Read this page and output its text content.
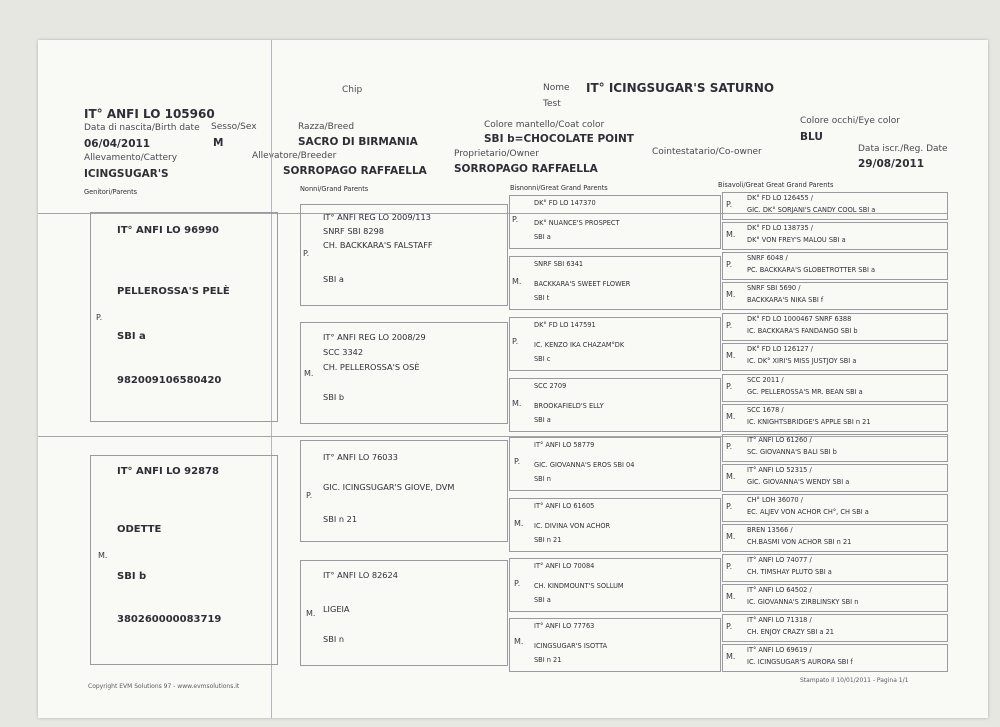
Chip	Nome IT° ICINGSUGAR'S SATURNO
Test
IT° ANFI LO 105960
Data di nascita/Birth date
06/04/2011
Sesso/Sex
M
Razza/Breed
SACRO DI BIRMANIA
Colore mantello/Coat color
SBI b=CHOCOLATE POINT
Colore occhi/Eye color
BLU
Allevamento/Cattery
ICINGSUGAR'S
Allevatore/Breeder
SORROPAGO RAFFAELLA
Proprietario/Owner
SORROPAGO RAFFAELLA
Cointestatario/Co-owner	Data iscr./Reg. Date
29/08/2011
Genitori/Parents	Nonni/Grand Parents	Bisnonni/Great Grand Parents	Bisavoli/Great Great Grand Parents
IT° ANFI LO 96990
PELLEROSSA'S PELÈ
SBI a
982009106580420
P.
IT° ANFI LO 92878
ODETTE
SBI b
380260000083719
M.
IT° ANFI REG LO 2009/113
SNRF SBI 8298
CH. BACKKARA'S FALSTAFF
SBI a
P.
IT° ANFI REG LO 2008/29
SCC 3342
CH. PELLEROSSA'S OSÈ
SBI b
M.
IT° ANFI LO 76033
GIC. ICINGSUGAR'S GIOVE, DVM
SBI n 21
P.
IT° ANFI LO 82624
LIGEIA
SBI n
M.
DK° FD LO 147370
DK° NUANCE'S PROSPECT
SBI a
P.
SNRF SBI 6341
BACKKARA'S SWEET FLOWER
SBI t
M.
DK° FD LO 147591
IC. KENZO IKA CHAZAM°DK
SBI c
P.
SCC 2709
BROOKAFIELD'S ELLY
SBI a
M.
IT° ANFI LO 58779
GIC. GIOVANNA'S EROS SBI 04
SBI n
P.
IT° ANFI LO 61605
IC. DIVINA VON ACHOR
SBI n 21
M.
IT° ANFI LO 70084
CH. KINDMOUNT'S SOLLUM
SBI a
P.
IT° ANFI LO 77763
ICINGSUGAR'S ISOTTA
SBI n 21
M.
DK° FD LO 126455 /
GIC. DK° SORJANI'S CANDY COOL SBI a
P.
DK° FD LO 138735 /
DK° VON FREY'S MALOU SBI a
M.
SNRF 6048 /
PC. BACKKARA'S GLOBETROTTER SBI a
P.
SNRF SBI 5690 /
BACKKARA'S NIKA SBI f
M.
DK° FD LO 1000467 SNRF 6388
IC. BACKKARA'S FANDANGO SBI b
P.
DK° FD LO 126127 /
IC. DK° XIRI'S MISS JUSTJOY SBI a
M.
SCC 2011 /
GC. PELLEROSSA'S MR. BEAN SBI a
P.
SCC 1678 /
IC. KNIGHTSBRIDGE'S APPLE SBI n 21
M.
IT° ANFI LO 61260 /
SC. GIOVANNA'S BALI SBI b
P.
IT° ANFI LO 52315 /
GIC. GIOVANNA'S WENDY SBI a
M.
CH° LOH 36070 /
EC. ALJEV VON ACHOR CH°, CH SBI a
P.
BREN 13566 /
CH.BASMI VON ACHOR SBI n 21
M.
IT° ANFI LO 74077 /
CH. TIMSHAY PLUTO SBI a
P.
IT° ANFI LO 64502 /
IC. GIOVANNA'S ZIRBLINSKY SBI n
M.
IT° ANFI LO 71318 /
CH. ENJOY CRAZY SBI a 21
P.
IT° ANFI LO 69619 /
IC. ICINGSUGAR'S AURORA SBI f
M.
Copyright EVM Solutions 97 - www.evmsolutions.it
Stampato il 10/01/2011 - Pagina 1/1
